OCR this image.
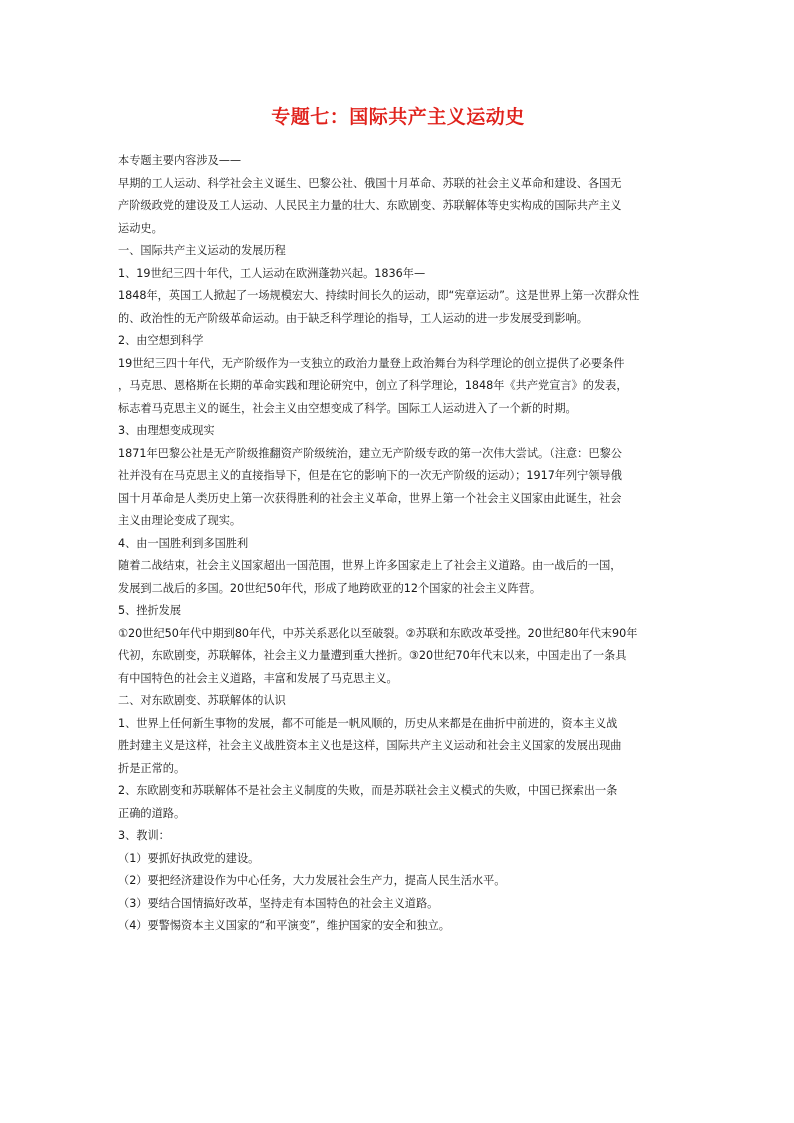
专题七：国际共产主义运动史

本专题主要内容涉及——

早期的工人运动、科学社会主义诞生、巴黎公社、俄国十月革命、苏联的社会主义革命和建设、各国无

产阶级政党的建设及工人运动、人民民主力量的壮大、东欧剧变、苏联解体等史实构成的国际共产主义

运动史。

一、国际共产主义运动的发展历程

1、19世纪三四十年代，工人运动在欧洲蓬勃兴起。1836年—

1848年，英国工人掀起了一场规模宏大、持续时间长久的运动，即“宪章运动”。这是世界上第一次群众性

的、政治性的无产阶级革命运动。由于缺乏科学理论的指导，工人运动的进一步发展受到影响。

2、由空想到科学

19世纪三四十年代，无产阶级作为一支独立的政治力量登上政治舞台为科学理论的创立提供了必要条件

，马克思、恩格斯在长期的革命实践和理论研究中，创立了科学理论，1848年《共产党宣言》的发表，

标志着马克思主义的诞生，社会主义由空想变成了科学。国际工人运动进入了一个新的时期。

3、由理想变成现实

1871年巴黎公社是无产阶级推翻资产阶级统治，建立无产阶级专政的第一次伟大尝试。（注意：巴黎公

社并没有在马克思主义的直接指导下，但是在它的影响下的一次无产阶级的运动）；1917年列宁领导俄

国十月革命是人类历史上第一次获得胜利的社会主义革命，世界上第一个社会主义国家由此诞生，社会

主义由理论变成了现实。

4、由一国胜利到多国胜利

随着二战结束，社会主义国家超出一国范围，世界上许多国家走上了社会主义道路。由一战后的一国，

发展到二战后的多国。20世纪50年代，形成了地跨欧亚的12个国家的社会主义阵营。

5、挫折发展

①20世纪50年代中期到80年代，中苏关系恶化以至破裂。②苏联和东欧改革受挫。20世纪80年代末90年

代初，东欧剧变，苏联解体，社会主义力量遭到重大挫折。③20世纪70年代末以来，中国走出了一条具

有中国特色的社会主义道路，丰富和发展了马克思主义。

二、对东欧剧变、苏联解体的认识

1、世界上任何新生事物的发展，都不可能是一帆风顺的，历史从来都是在曲折中前进的，资本主义战

胜封建主义是这样，社会主义战胜资本主义也是这样，国际共产主义运动和社会主义国家的发展出现曲

折是正常的。

2、东欧剧变和苏联解体不是社会主义制度的失败，而是苏联社会主义模式的失败，中国已探索出一条

正确的道路。

3、教训：

（1）要抓好执政党的建设。

（2）要把经济建设作为中心任务，大力发展社会生产力，提高人民生活水平。

（3）要结合国情搞好改革，坚持走有本国特色的社会主义道路。

（4）要警惕资本主义国家的“和平演变”，维护国家的安全和独立。
